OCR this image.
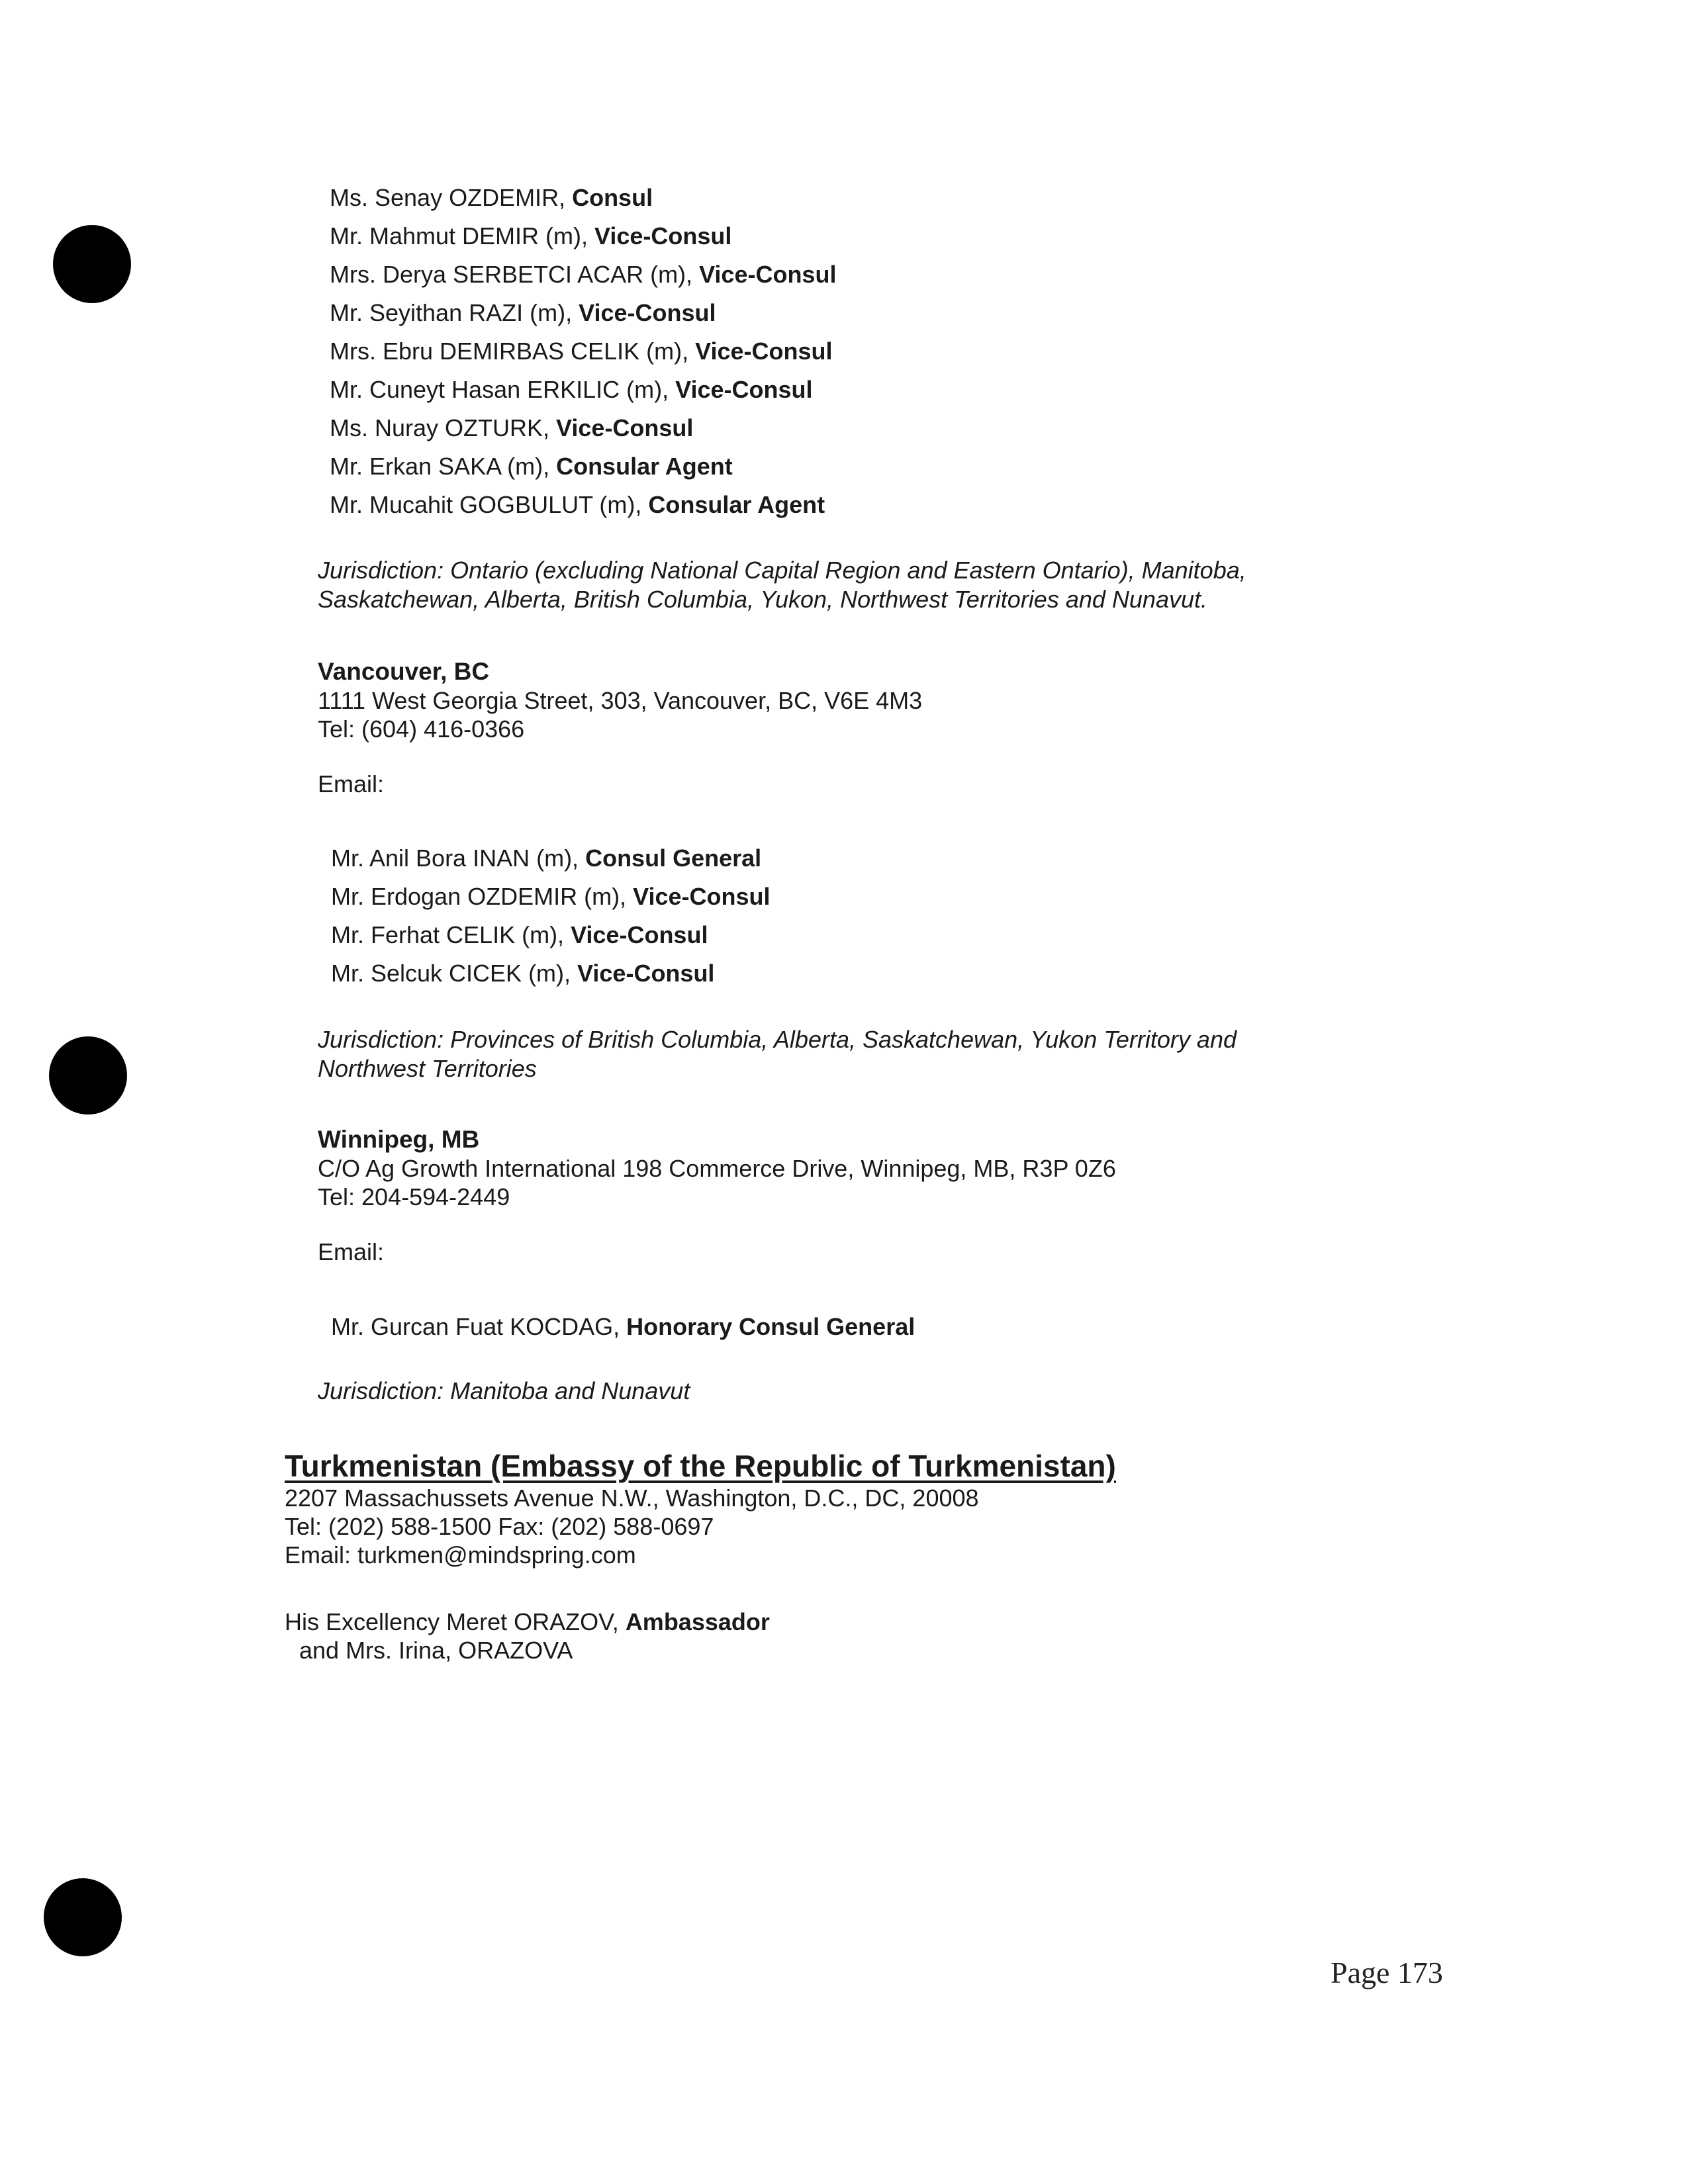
Ms. Senay OZDEMIR, Consul
Mr. Mahmut DEMIR (m), Vice-Consul
Mrs. Derya SERBETCI ACAR (m), Vice-Consul
Mr. Seyithan RAZI (m), Vice-Consul
Mrs. Ebru DEMIRBAS CELIK (m), Vice-Consul
Mr. Cuneyt Hasan ERKILIC (m), Vice-Consul
Ms. Nuray OZTURK, Vice-Consul
Mr. Erkan SAKA (m), Consular Agent
Mr. Mucahit GOGBULUT (m), Consular Agent
Jurisdiction: Ontario (excluding National Capital Region and Eastern Ontario), Manitoba, Saskatchewan, Alberta, British Columbia, Yukon, Northwest Territories and Nunavut.
Vancouver, BC
1111 West Georgia Street, 303, Vancouver, BC, V6E 4M3
Tel: (604) 416-0366
Email:
Mr. Anil Bora INAN (m), Consul General
Mr. Erdogan OZDEMIR (m), Vice-Consul
Mr. Ferhat CELIK (m), Vice-Consul
Mr. Selcuk CICEK (m), Vice-Consul
Jurisdiction: Provinces of British Columbia, Alberta, Saskatchewan, Yukon Territory and Northwest Territories
Winnipeg, MB
C/O Ag Growth International 198 Commerce Drive, Winnipeg, MB, R3P 0Z6
Tel: 204-594-2449
Email:
Mr. Gurcan Fuat KOCDAG, Honorary Consul General
Jurisdiction: Manitoba and Nunavut
Turkmenistan (Embassy of the Republic of Turkmenistan)
2207 Massachussets Avenue N.W., Washington, D.C., DC, 20008
Tel: (202) 588-1500 Fax: (202) 588-0697
Email: turkmen@mindspring.com
His Excellency Meret ORAZOV, Ambassador
and Mrs. Irina, ORAZOVA
Page 173
